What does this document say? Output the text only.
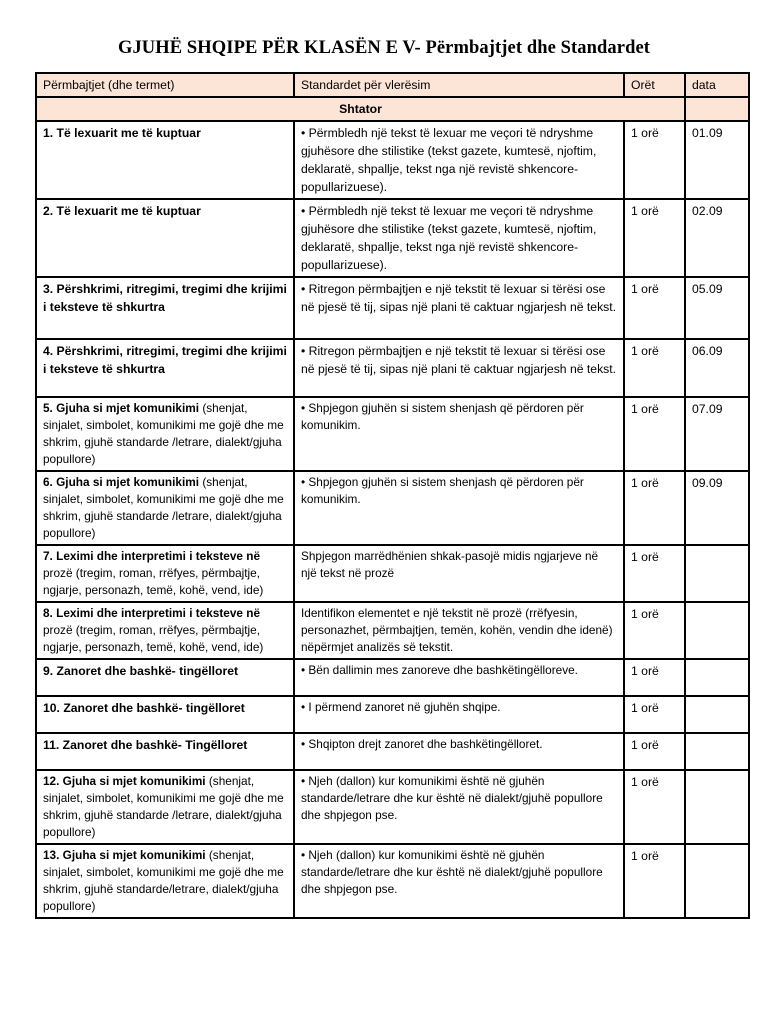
GJUHË SHQIPE PËR KLASËN E V- Përmbajtjet dhe Standardet
Përmbajtjet (dhe termet)	Standardet për vlerësim	Orët	data
Shtator			
1. Të lexuarit me të kuptuar	• Përmbledh një tekst të lexuar me veçori të ndryshme gjuhësore dhe stilistike (tekst gazete, kumtesë, njoftim, deklaratë, shpallje, tekst nga një revistë shkencore-popullarizuese).	1 orë	01.09
2. Të lexuarit me të kuptuar	• Përmbledh një tekst të lexuar me veçori të ndryshme gjuhësore dhe stilistike (tekst gazete, kumtesë, njoftim, deklaratë, shpallje, tekst nga një revistë shkencore-popullarizuese).	1 orë	02.09
3. Përshkrimi, ritregimi, tregimi dhe krijimi i teksteve të shkurtra	• Ritregon përmbajtjen e një tekstit të lexuar si tërësi ose në pjesë të tij, sipas një plani të caktuar ngjarjesh në tekst.	1 orë	05.09
4. Përshkrimi, ritregimi, tregimi dhe krijimi i teksteve të shkurtra	• Ritregon përmbajtjen e një tekstit të lexuar si tërësi ose në pjesë të tij, sipas një plani të caktuar ngjarjesh në tekst.	1 orë	06.09
5. Gjuha si mjet komunikimi (shenjat, sinjalet, simbolet, komunikimi me gojë dhe me shkrim, gjuhë standarde /letrare, dialekt/gjuha popullore)	• Shpjegon gjuhën si sistem shenjash që përdoren për komunikim.	1 orë	07.09
6. Gjuha si mjet komunikimi (shenjat, sinjalet, simbolet, komunikimi me gojë dhe me shkrim, gjuhë standarde /letrare, dialekt/gjuha popullore)	• Shpjegon gjuhën si sistem shenjash që përdoren për komunikim.	1 orë	09.09
7. Leximi dhe interpretimi i teksteve në prozë (tregim, roman, rrëfyes, përmbajtje, ngjarje, personazh, temë, kohë, vend, ide)	Shpjegon marrëdhënien shkak-pasojë midis ngjarjeve në një tekst në prozë	1 orë	
8. Leximi dhe interpretimi i teksteve në prozë (tregim, roman, rrëfyes, përmbajtje, ngjarje, personazh, temë, kohë, vend, ide)	Identifikon elementet e një tekstit në prozë (rrëfyesin, personazhet, përmbajtjen, temën, kohën, vendin dhe idenë) nëpërmjet analizës së tekstit.	1 orë	
9. Zanoret dhe bashkë- tingëlloret	• Bën dallimin mes zanoreve dhe bashkëtingëlloreve.	1 orë	
10. Zanoret dhe bashkë- tingëlloret	• I përmend zanoret në gjuhën shqipe.	1 orë	
11. Zanoret dhe bashkë- Tingëlloret	• Shqipton drejt zanoret dhe bashkëtingëlloret.	1 orë	
12. Gjuha si mjet komunikimi (shenjat, sinjalet, simbolet, komunikimi me gojë dhe me shkrim, gjuhë standarde /letrare, dialekt/gjuha popullore)	• Njeh (dallon) kur komunikimi është në gjuhën standarde/letrare dhe kur është në dialekt/gjuhë popullore dhe shpjegon pse.	1 orë	
13. Gjuha si mjet komunikimi (shenjat, sinjalet, simbolet, komunikimi me gojë dhe me shkrim, gjuhë standarde/letrare, dialekt/gjuha popullore)	• Njeh (dallon) kur komunikimi është në gjuhën standarde/letrare dhe kur është në dialekt/gjuhë popullore dhe shpjegon pse.	1 orë	
